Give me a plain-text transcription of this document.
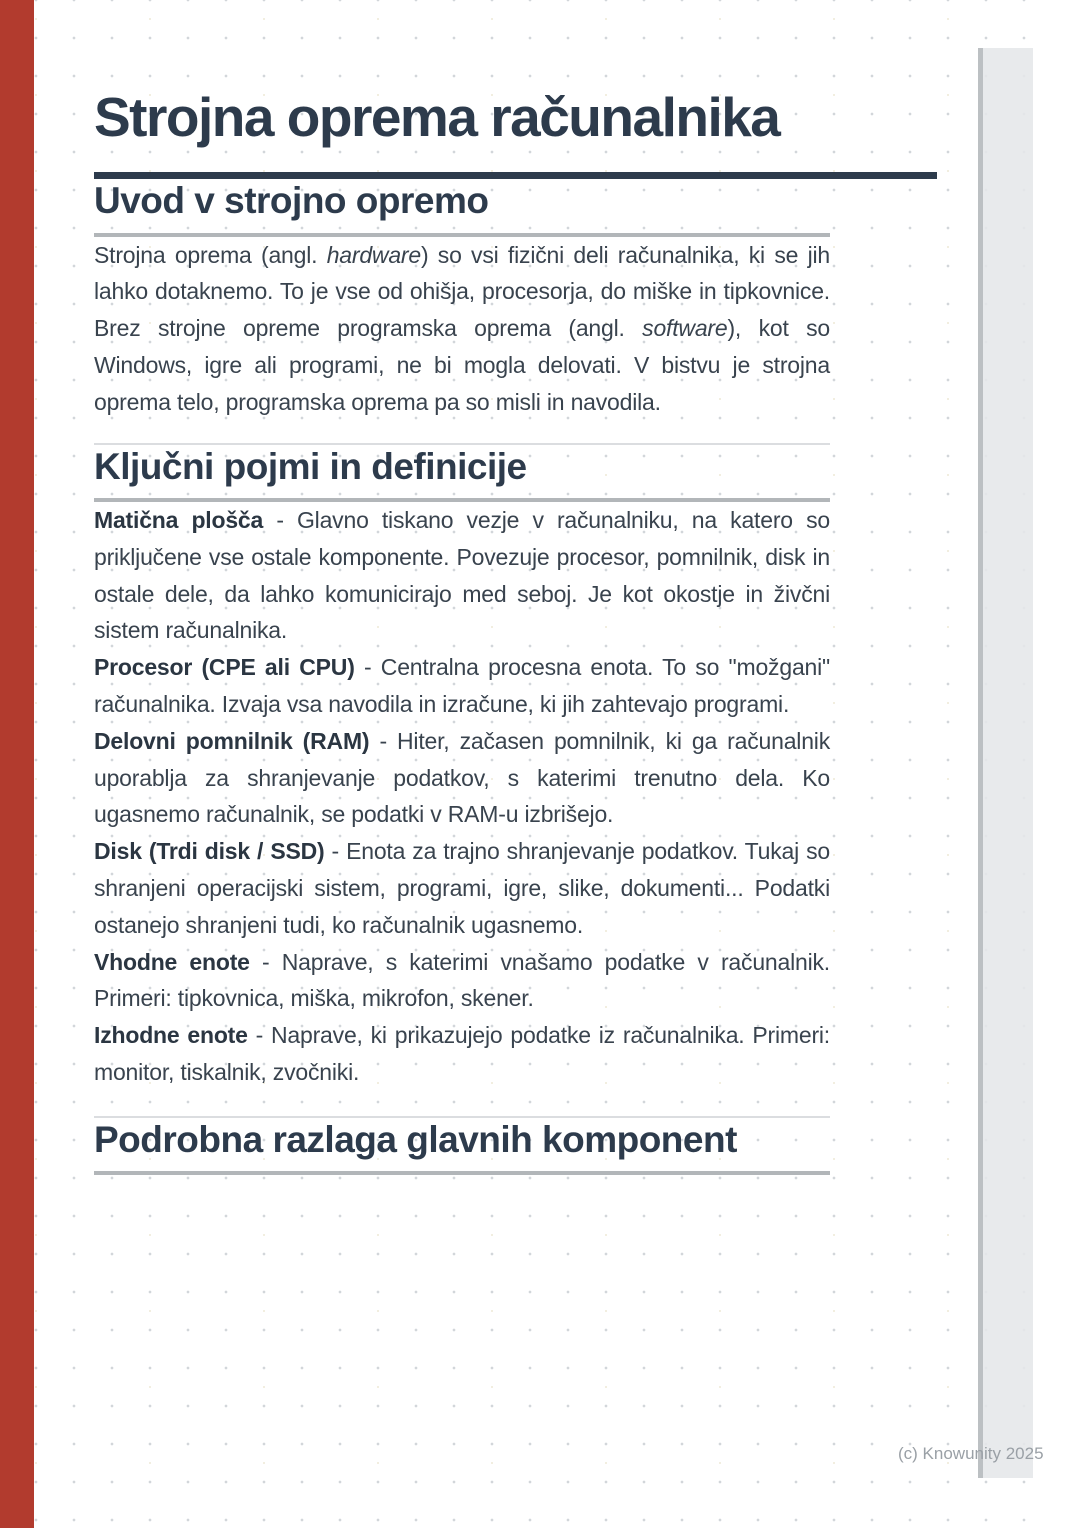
Strojna oprema računalnika
Uvod v strojno opremo

Strojna oprema (angl. hardware) so vsi fizični deli računalnika, ki se jih lahko dotaknemo. To je vse od ohišja, procesorja, do miške in tipkovnice. Brez strojne opreme programska oprema (angl. software), kot so Windows, igre ali programi, ne bi mogla delovati. V bistvu je strojna oprema telo, programska oprema pa so misli in navodila.

Ključni pojmi in definicije

Matična plošča - Glavno tiskano vezje v računalniku, na katero so priključene vse ostale komponente. Povezuje procesor, pomnilnik, disk in ostale dele, da lahko komunicirajo med seboj. Je kot okostje in živčni sistem računalnika.

Procesor (CPE ali CPU) - Centralna procesna enota. To so "možgani" računalnika. Izvaja vsa navodila in izračune, ki jih zahtevajo programi.

Delovni pomnilnik (RAM) - Hiter, začasen pomnilnik, ki ga računalnik uporablja za shranjevanje podatkov, s katerimi trenutno dela. Ko ugasnemo računalnik, se podatki v RAM-u izbrišejo.

Disk (Trdi disk / SSD) - Enota za trajno shranjevanje podatkov. Tukaj so shranjeni operacijski sistem, programi, igre, slike, dokumenti... Podatki ostanejo shranjeni tudi, ko računalnik ugasnemo.

Vhodne enote - Naprave, s katerimi vnašamo podatke v računalnik. Primeri: tipkovnica, miška, mikrofon, skener.

Izhodne enote - Naprave, ki prikazujejo podatke iz računalnika. Primeri: monitor, tiskalnik, zvočniki.

Podrobna razlaga glavnih komponent
(c) Knowunity 2025
